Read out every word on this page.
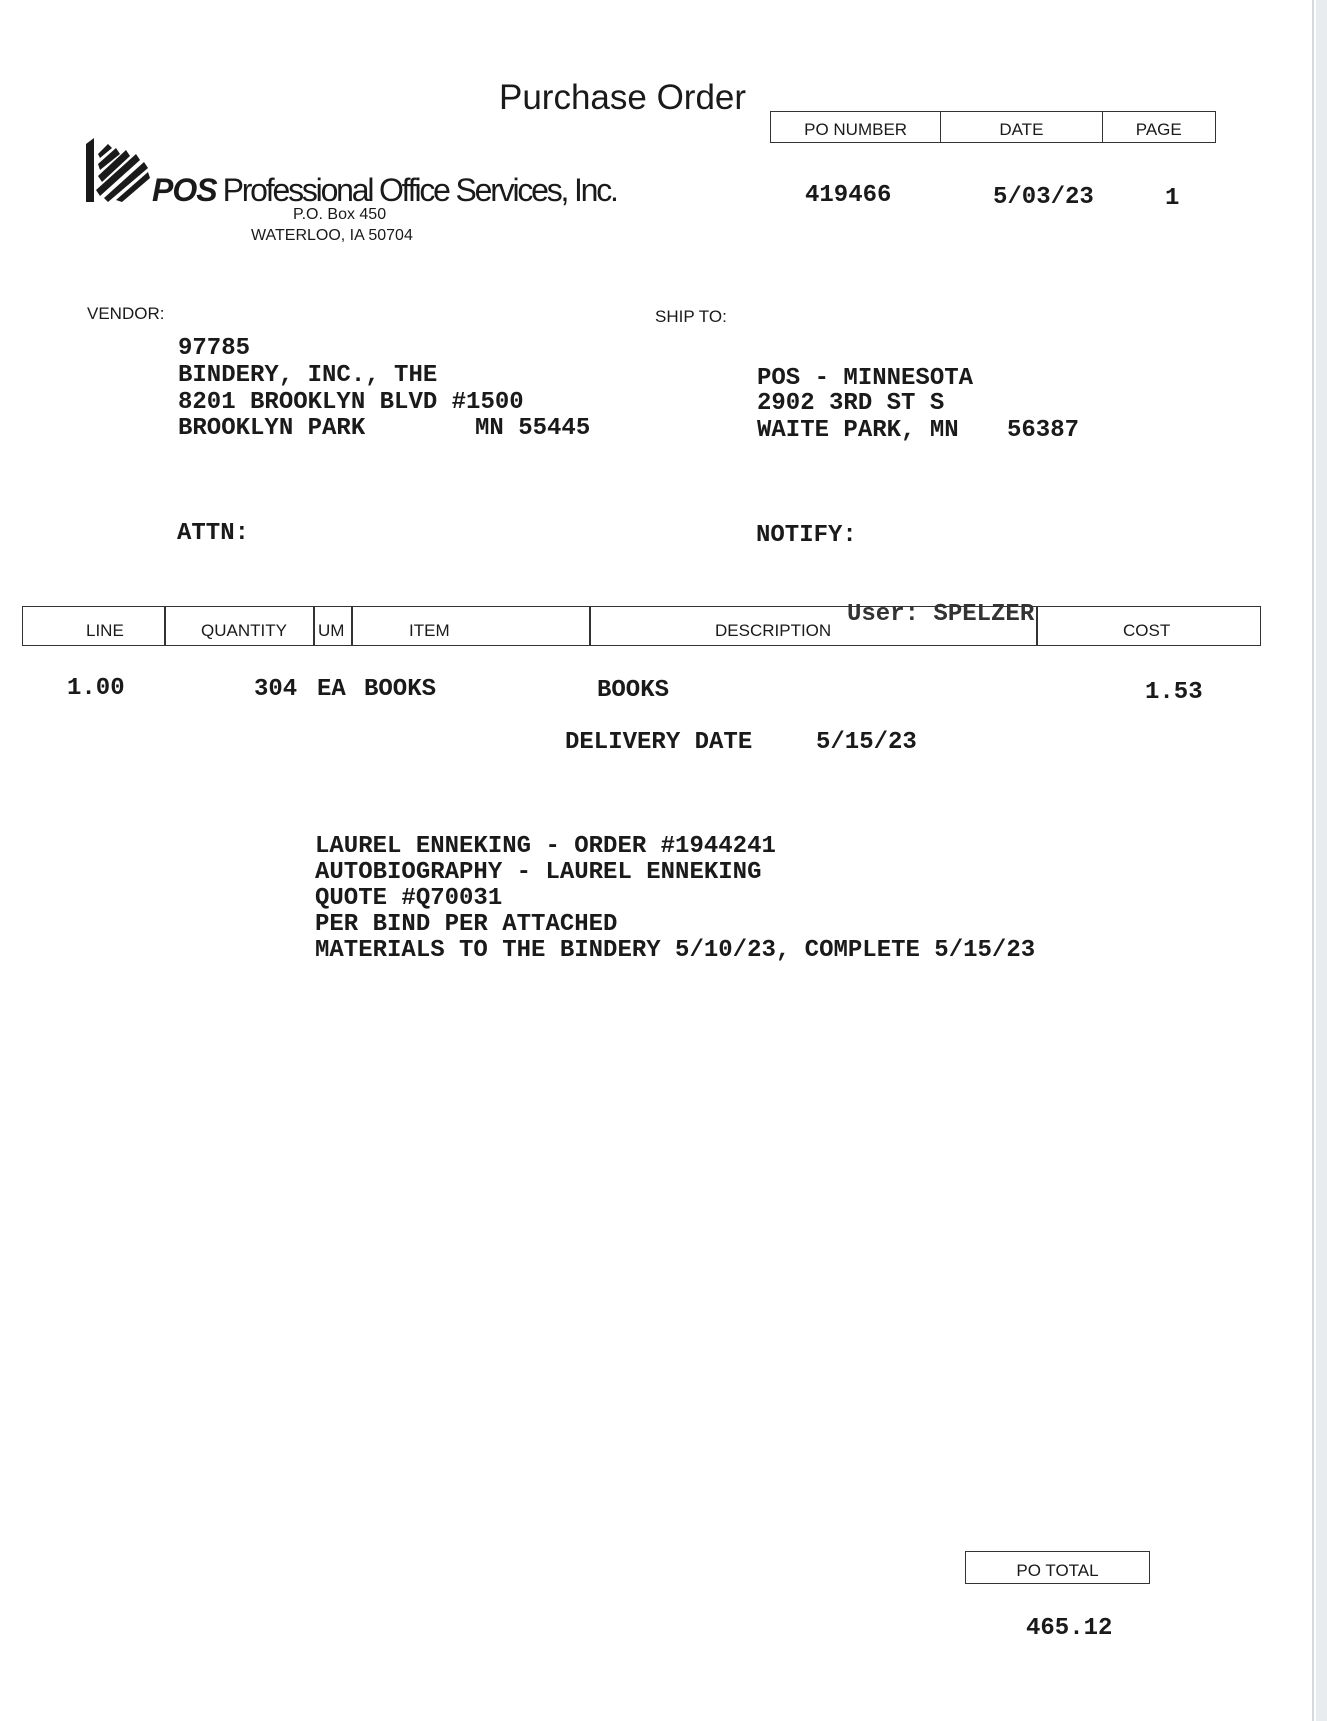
Purchase Order
POS Professional Office Services, Inc.
P.O. Box 450
WATERLOO, IA 50704
PO NUMBER	DATE	PAGE
419466	5/03/23	1
VENDOR:
97785
BINDERY, INC., THE
8201 BROOKLYN BLVD #1500
BROOKLYN PARK	MN 55445
SHIP TO:
POS - MINNESOTA
2902 3RD ST S
WAITE PARK, MN 56387
ATTN:	NOTIFY:
LINE	QUANTITY UM	ITEM	DESCRIPTION	COST
User: SPELZER
1.00	304 EA BOOKS	BOOKS	1.53
DELIVERY DATE	5/15/23
LAUREL ENNEKING - ORDER #1944241
AUTOBIOGRAPHY - LAUREL ENNEKING
QUOTE #Q70031
PER BIND PER ATTACHED
MATERIALS TO THE BINDERY 5/10/23, COMPLETE 5/15/23
PO TOTAL
465.12
